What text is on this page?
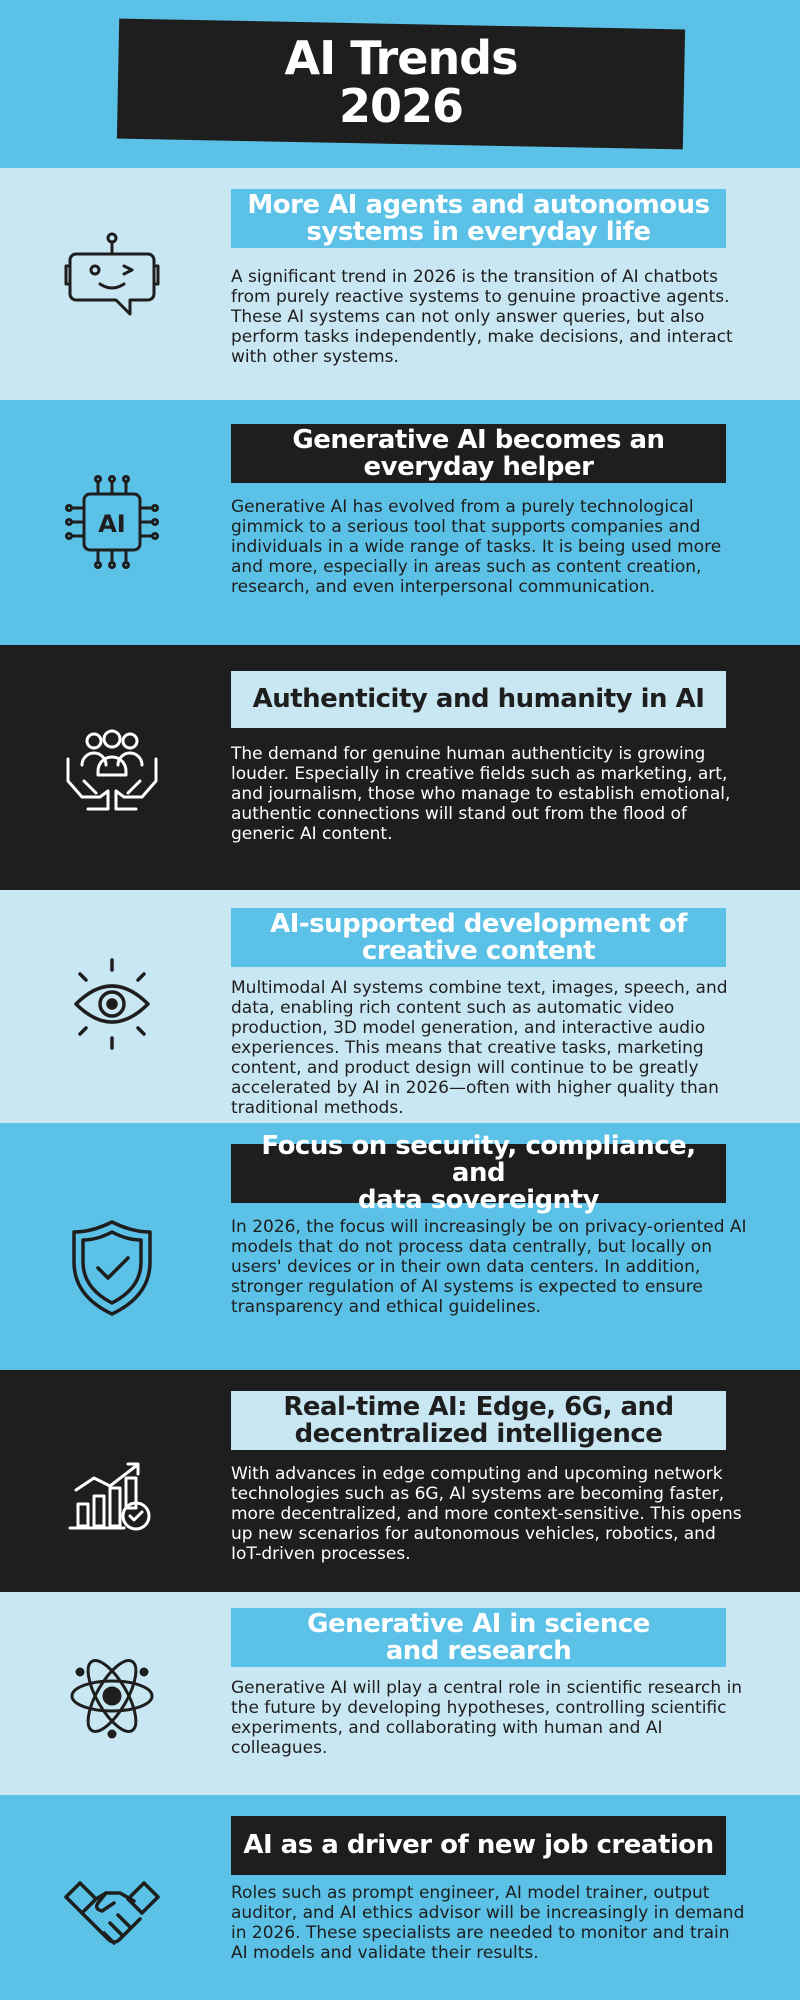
AI Trends
2026
More AI agents and autonomous
systems in everyday life
A significant trend in 2026 is the transition of AI chatbots from purely reactive systems to genuine proactive agents. These AI systems can not only answer queries, but also perform tasks independently, make decisions, and interact with other systems.
Generative AI becomes an
everyday helper
Generative AI has evolved from a purely technological gimmick to a serious tool that supports companies and individuals in a wide range of tasks. It is being used more and more, especially in areas such as content creation, research, and even interpersonal communication.
AI
Authenticity and humanity in AI
The demand for genuine human authenticity is growing louder. Especially in creative fields such as marketing, art, and journalism, those who manage to establish emotional, authentic connections will stand out from the flood of generic AI content.
AI-supported development of
creative content
Multimodal AI systems combine text, images, speech, and data, enabling rich content such as automatic video production, 3D model generation, and interactive audio experiences. This means that creative tasks, marketing content, and product design will continue to be greatly accelerated by AI in 2026—often with higher quality than traditional methods.
Focus on security, compliance, and
data sovereignty
In 2026, the focus will increasingly be on privacy-oriented AI models that do not process data centrally, but locally on users' devices or in their own data centers. In addition, stronger regulation of AI systems is expected to ensure transparency and ethical guidelines.
Real-time AI: Edge, 6G, and
decentralized intelligence
With advances in edge computing and upcoming network technologies such as 6G, AI systems are becoming faster, more decentralized, and more context-sensitive. This opens up new scenarios for autonomous vehicles, robotics, and IoT-driven processes.
Generative AI in science
and research
Generative AI will play a central role in scientific research in the future by developing hypotheses, controlling scientific experiments, and collaborating with human and AI colleagues.
AI as a driver of new job creation
Roles such as prompt engineer, AI model trainer, output auditor, and AI ethics advisor will be increasingly in demand in 2026. These specialists are needed to monitor and train AI models and validate their results.
